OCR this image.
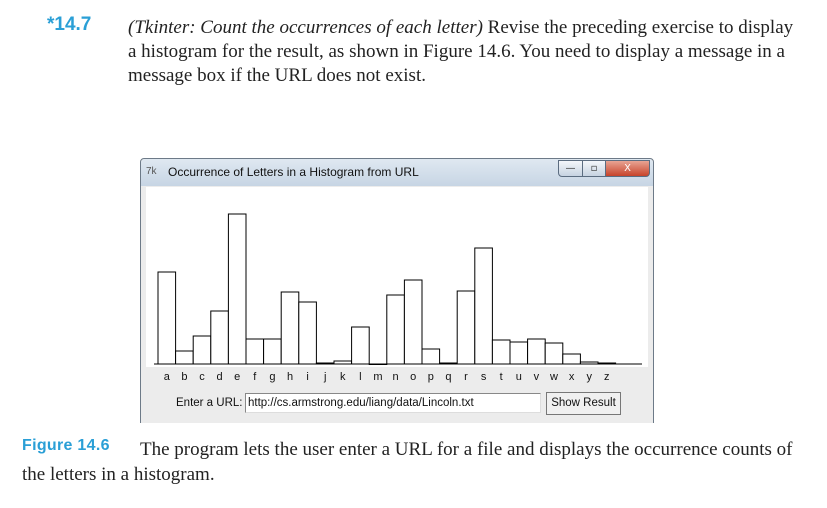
*14.7 (Tkinter: Count the occurrences of each letter) Revise the preceding exercise to display a histogram for the result, as shown in Figure 14.6. You need to display a message in a message box if the URL does not exist.
7k Occurrence of Letters in a Histogram from URL	—	▫	X
a	b	c	d	e	f	g	h	i	j	k	l	m n	o	p	q	r	s	t	u	v w x	y	z
Enter a URL:
http://cs.armstrong.edu/liang/data/Lincoln.txt	Show Result
The program lets the user enter a URL for a file and displays the occurrence counts of the letters in a histogram.
Figure 14.6
